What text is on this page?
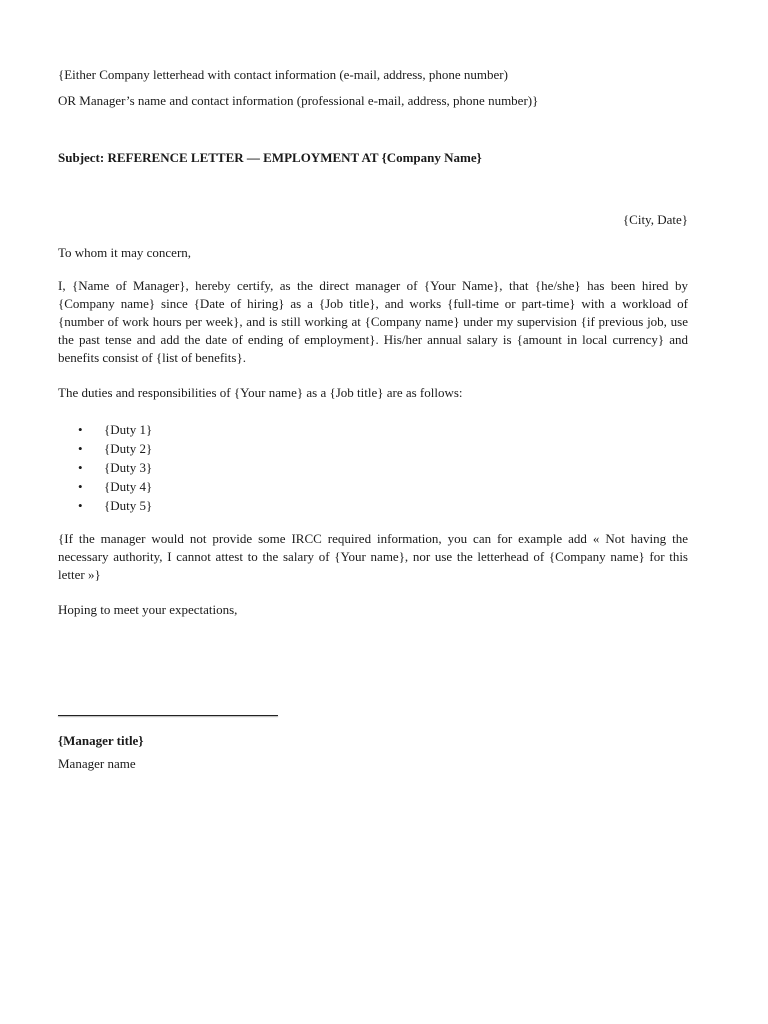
{Either Company letterhead with contact information (e-mail, address, phone number)
OR Manager’s name and contact information (professional e-mail, address, phone number)}
Subject: REFERENCE LETTER — EMPLOYMENT AT {Company Name}
{City, Date}
To whom it may concern,

I, {Name of Manager}, hereby certify, as the direct manager of {Your Name}, that {he/she} has been hired by {Company name} since {Date of hiring} as a {Job title}, and works {full-time or part-time} with a workload of {number of work hours per week}, and is still working at {Company name} under my supervision {if previous job, use the past tense and add the date of ending of employment}. His/her annual salary is {amount in local currency} and benefits consist of {list of benefits}.

The duties and responsibilities of {Your name} as a {Job title} are as follows:
• {Duty 1}
• {Duty 2}
• {Duty 3}
• {Duty 4}
• {Duty 5}

{If the manager would not provide some IRCC required information, you can for example add « Not having the necessary authority, I cannot attest to the salary of {Your name}, nor use the letterhead of {Company name} for this letter »}

Hoping to meet your expectations,
{Manager title}
Manager name
